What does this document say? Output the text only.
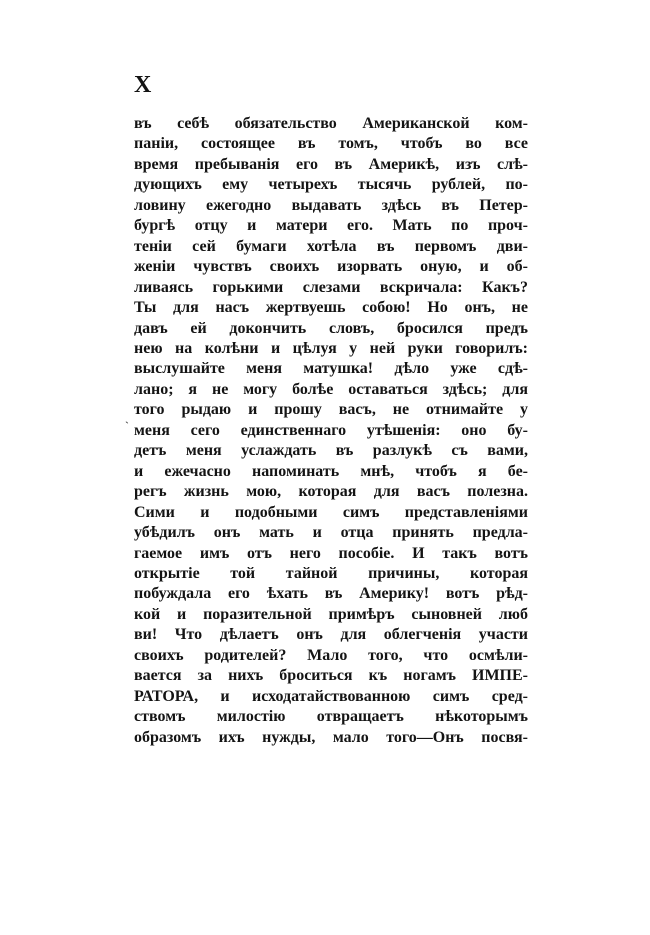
X
`
въ себѣ обязательство Американской ком-
панiи, состоящее въ томъ, чтобъ во все
время пребыванiя его въ Америкѣ, изъ слѣ-
дующихъ ему четырехъ тысячь рублей, по-
ловину ежегодно выдавать здѣсь въ Петер-
бургѣ отцу и матери его. Мать по проч-
тенiи сей бумаги хотѣла въ первомъ дви-
женiи чувствъ своихъ изорвать оную, и об-
ливаясь горькими слезами вскричала: Какъ?
Ты для насъ жертвуешь собою! Но онъ, не
давъ ей докончить словъ, бросился предъ
нею на колѣни и цѣлуя у ней руки говорилъ:
выслушайте меня матушка! дѣло уже сдѣ-
лано; я не могу болѣе оставаться здѣсь; для
того рыдаю и прошу васъ, не отнимайте у
меня сего единственнаго утѣшенiя: оно бу-
детъ меня услаждать въ разлукѣ съ вами,
и ежечасно напоминать мнѣ, чтобъ я бе-
регъ жизнь мою, которая для васъ полезна.
Сими и подобными симъ представленiями
убѣдилъ онъ мать и отца принять предла-
гаемое имъ отъ него пособiе. И такъ вотъ
открытiе той тайной причины, которая
побуждала его ѣхать въ Америку! вотъ рѣд-
кой и поразительной примѣръ сыновней люб
ви! Что дѣлаетъ онъ для облегченiя участи
своихъ родителей? Мало того, что осмѣли-
вается за нихъ броситься къ ногамъ ИМПЕ-
РАТОРА, и исходатайствованною симъ сред-
ствомъ милостiю отвращаетъ нѣкоторымъ
образомъ ихъ нужды, мало того—Онъ посвя-
